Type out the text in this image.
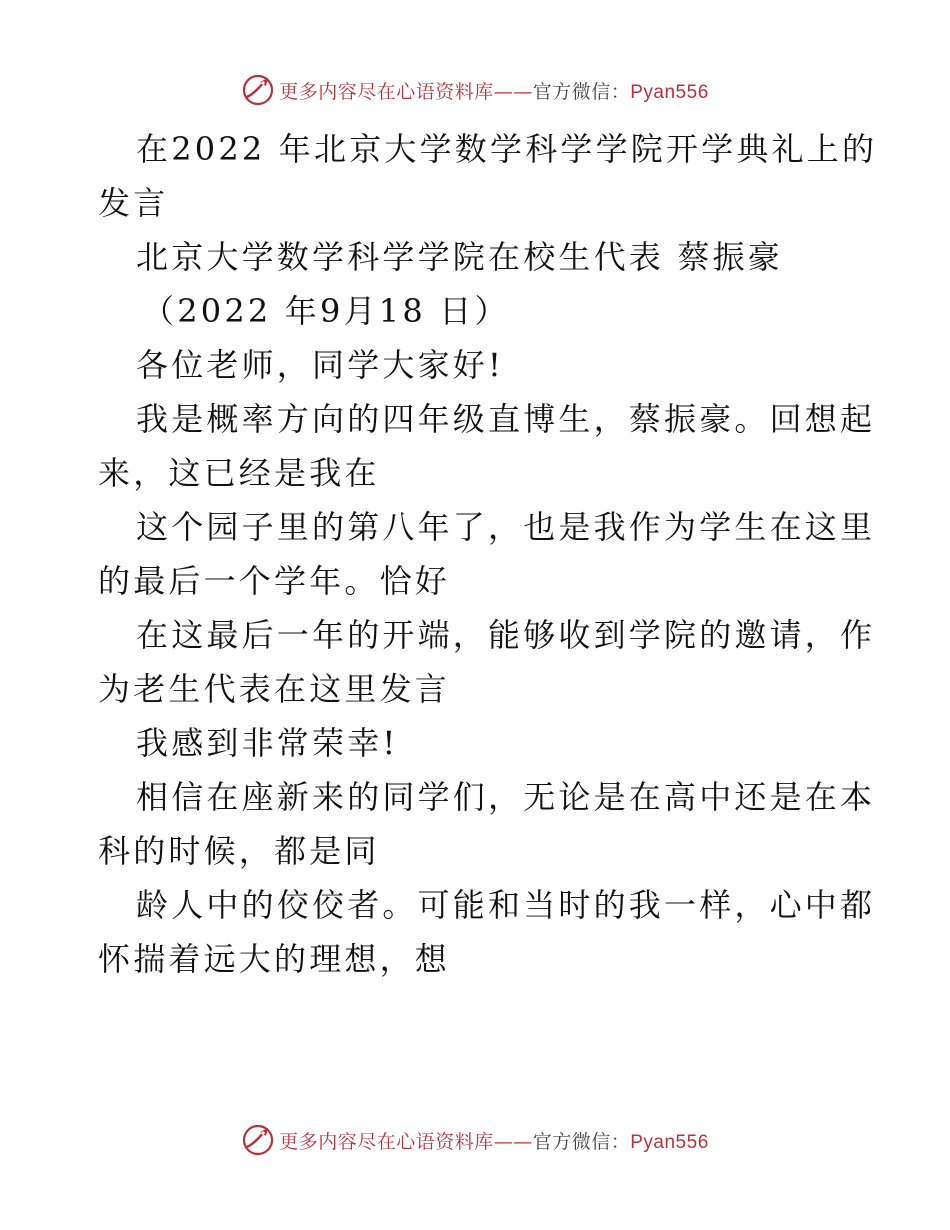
更多内容尽在心语资料库——官方微信：Pyan556
在2022 年北京大学数学科学学院开学典礼上的
发言
北京大学数学科学学院在校生代表 蔡振豪
（2022 年9月18 日）
各位老师，同学大家好!
我是概率方向的四年级直博生，蔡振豪。回想起
来，这已经是我在
这个园子里的第八年了，也是我作为学生在这里
的最后一个学年。恰好
在这最后一年的开端，能够收到学院的邀请，作
为老生代表在这里发言
我感到非常荣幸!
相信在座新来的同学们，无论是在高中还是在本
科的时候，都是同
龄人中的佼佼者。可能和当时的我一样，心中都
怀揣着远大的理想，想
更多内容尽在心语资料库——官方微信：Pyan556
